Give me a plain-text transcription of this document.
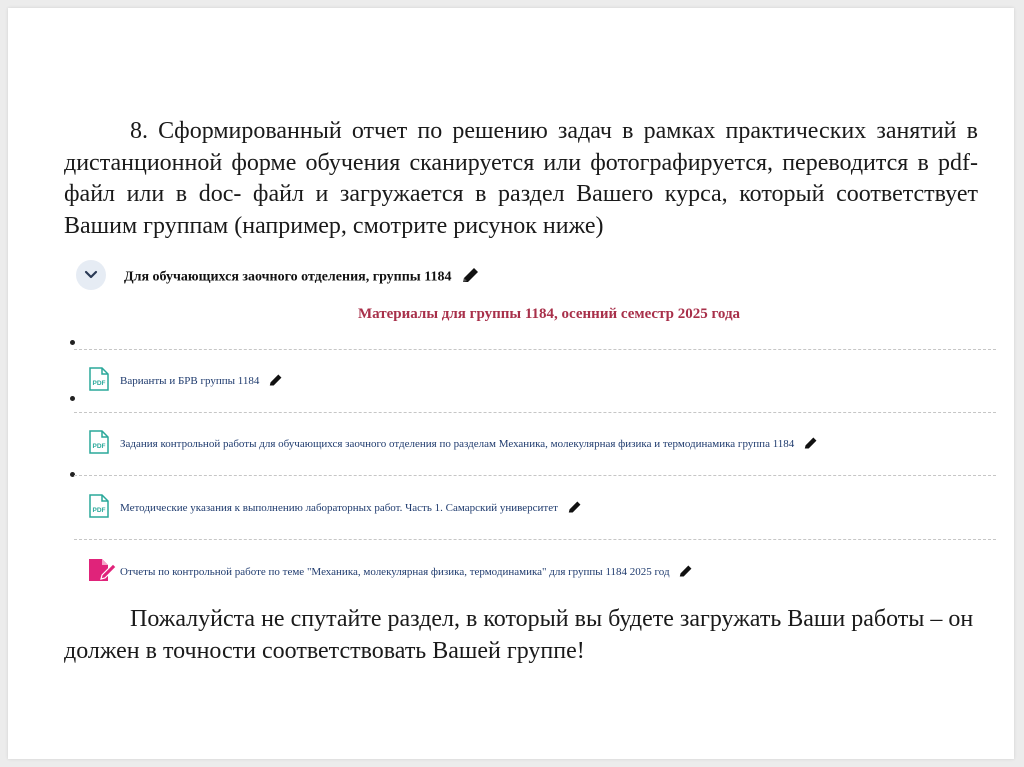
8. Сформированный отчет по решению задач в рамках практических занятий в дистанционной форме обучения сканируется или фотографируется, переводится в pdf-файл или в doc- файл и загружается в раздел Вашего курса, который соответствует Вашим группам (например, смотрите рисунок ниже)

Для обучающихся заочного отделения, группы 1184
Материалы для группы 1184, осенний семестр 2025 года
PDF Варианты и БРВ группы 1184
PDF Задания контрольной работы для обучающихся заочного отделения по разделам Механика, молекулярная физика и термодинамика группа 1184
PDF Методические указания к выполнению лабораторных работ. Часть 1. Самарский университет
Отчеты по контрольной работе по теме "Механика, молекулярная физика, термодинамика" для группы 1184 2025 год

Пожалуйста не спутайте раздел, в который вы будете загружать Ваши работы – он должен в точности соответствовать Вашей группе!
